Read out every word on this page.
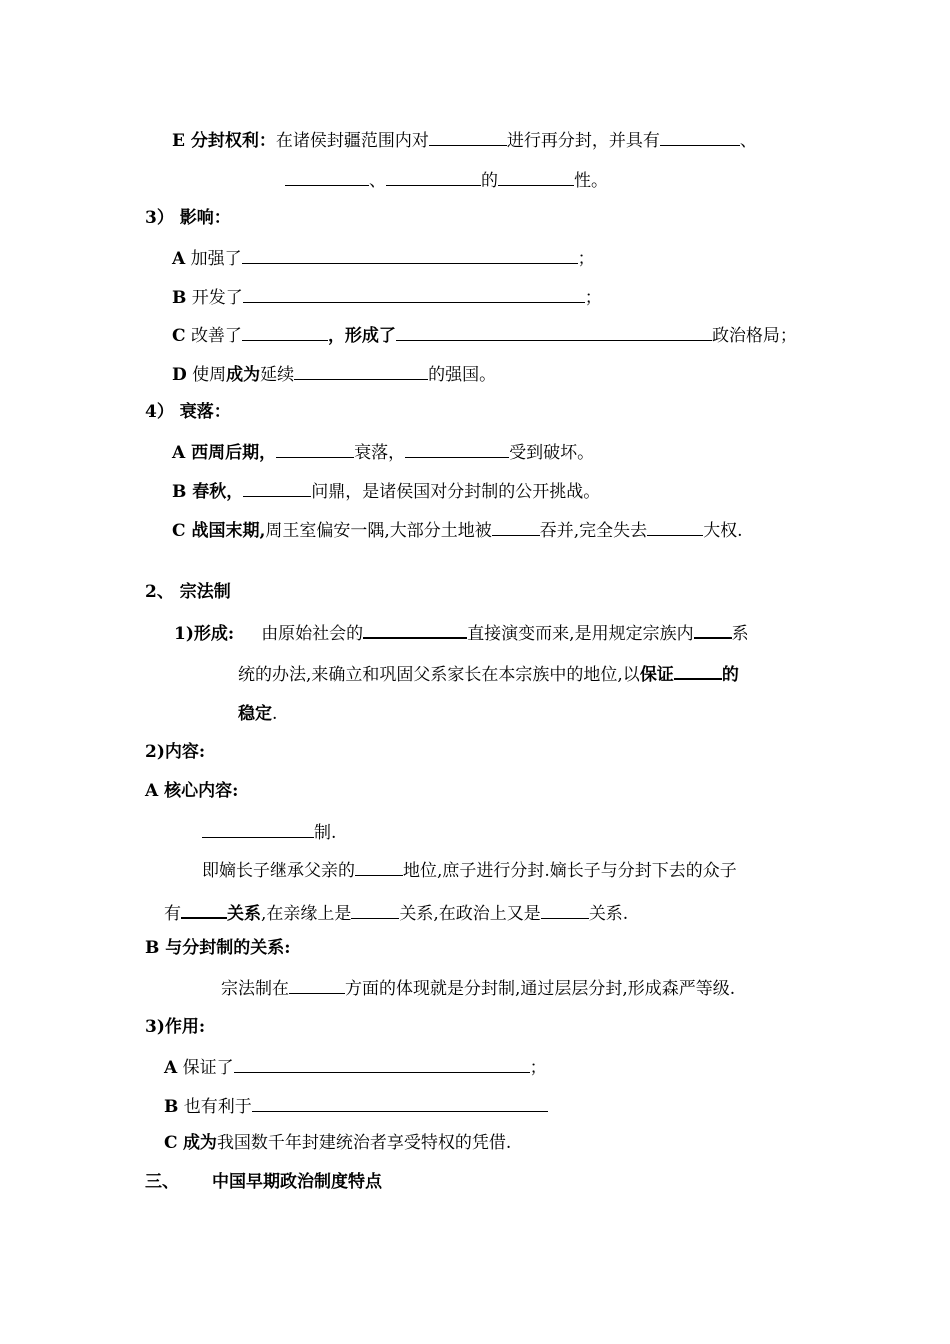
E 分封权利：在诸侯封疆范围内对	进行再分封，并具有	、
、	的	性。
3） 影响：
A 加强了	；
B 开发了	；
C 改善了	，形成了	政治格局；
D 使周成为延续	的强国。
4） 衰落：
A 西周后期，	衰落，	受到破坏。
B 春秋，	问鼎，是诸侯国对分封制的公开挑战。
C 战国末期,周王室偏安一隅,大部分土地被	吞并,完全失去	大权.
2、 宗法制
1)形成: 由原始社会的	直接演变而来,是用规定宗族内 系
统的办法,来确立和巩固父系家长在本宗族中的地位,以保证	的
稳定.
2)内容:
A 核心内容:
制.
即嫡长子继承父亲的	地位,庶子进行分封.嫡长子与分封下去的众子
有	关系,在亲缘上是	关系,在政治上又是	关系.
B 与分封制的关系:
宗法制在	方面的体现就是分封制,通过层层分封,形成森严等级.
3)作用:
A 保证了	；
B 也有利于
C 成为我国数千年封建统治者享受特权的凭借.
三、 中国早期政治制度特点
